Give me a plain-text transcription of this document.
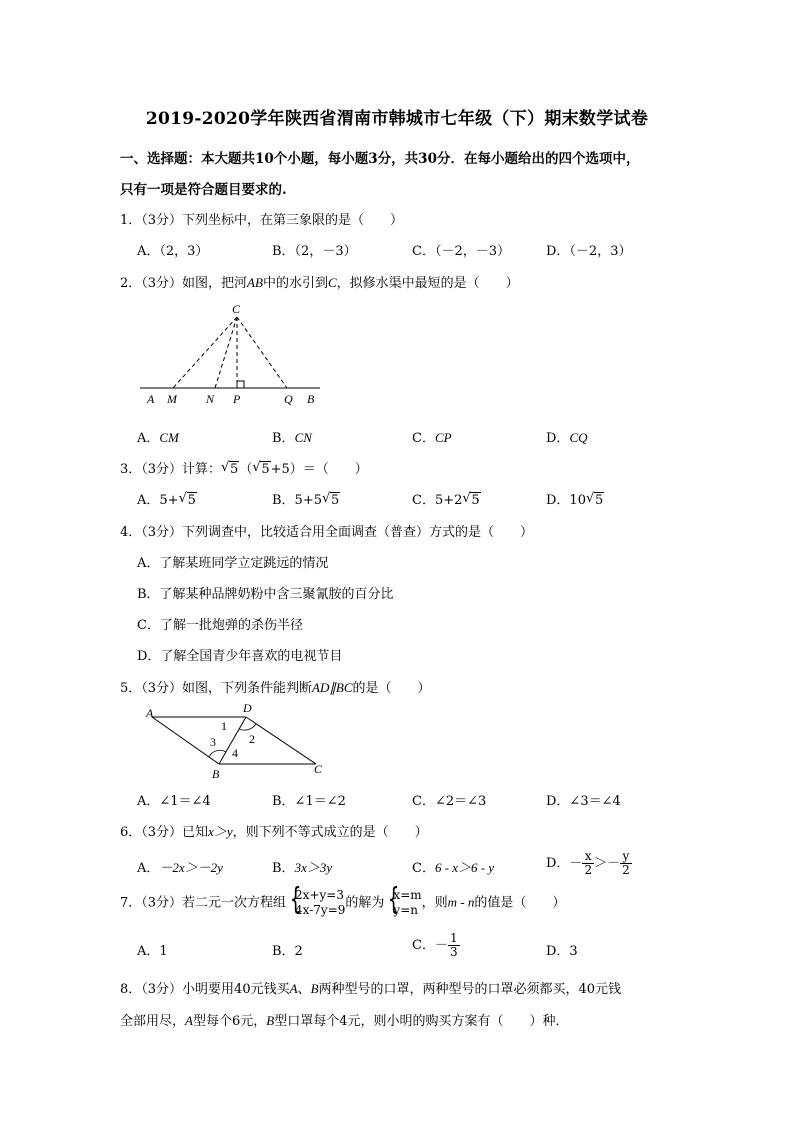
2019-2020学年陕西省渭南市韩城市七年级（下）期末数学试卷
一、选择题：本大题共10个小题，每小题3分，共30分．在每小题给出的四个选项中，
只有一项是符合题目要求的.
1．（3分）下列坐标中，在第三象限的是（　　）
A．（2，3）	B．（2，－3）	C．（－2，－3）	D．（－2，3）
2．（3分）如图，把河AB中的水引到C，拟修水渠中最短的是（　　）
C
A M N P	Q B
A．CM	B．CN	C．CP	D．CQ
3．（3分）计算： √ 5（ √ 5+5）＝（　　）
A．5+ √ 5	B．5+5 √ 5	C．5+2 √ 5	D．10 √ 5
4．（3分）下列调查中，比较适合用全面调查（普查）方式的是（　　）
A．了解某班同学立定跳远的情况
B．了解某种品牌奶粉中含三聚氰胺的百分比
C．了解一批炮弹的杀伤半径
D．了解全国青少年喜欢的电视节目
5．（3分）如图，下列条件能判断AD∥BC的是（　　）
A	D
B	C
1
2
3
4
A．∠1＝∠4	B．∠1＝∠2	C．∠2＝∠3	D．∠3＝∠4
6．（3分）已知x＞y，则下列不等式成立的是（　　）
A．－2x＞－2y	B．3x＞3y	C．6 - x＞6 - y	D．－ $\frac{x}{2} >- \frac{y}{2}$
7．（3分）若二元一次方程组 {
2x+y=3
4x-7y=9 的解为 {
x=m
y=n ，则m - n的值是（　　）
A．1	B．2	C．－ $\frac{1}{3}$	D．3
8．（3分）小明要用40元钱买A、B两种型号的口罩，两种型号的口罩必须都买，40元钱
全部用尽，A型每个6元，B型口罩每个4元，则小明的购买方案有（　　）种．
